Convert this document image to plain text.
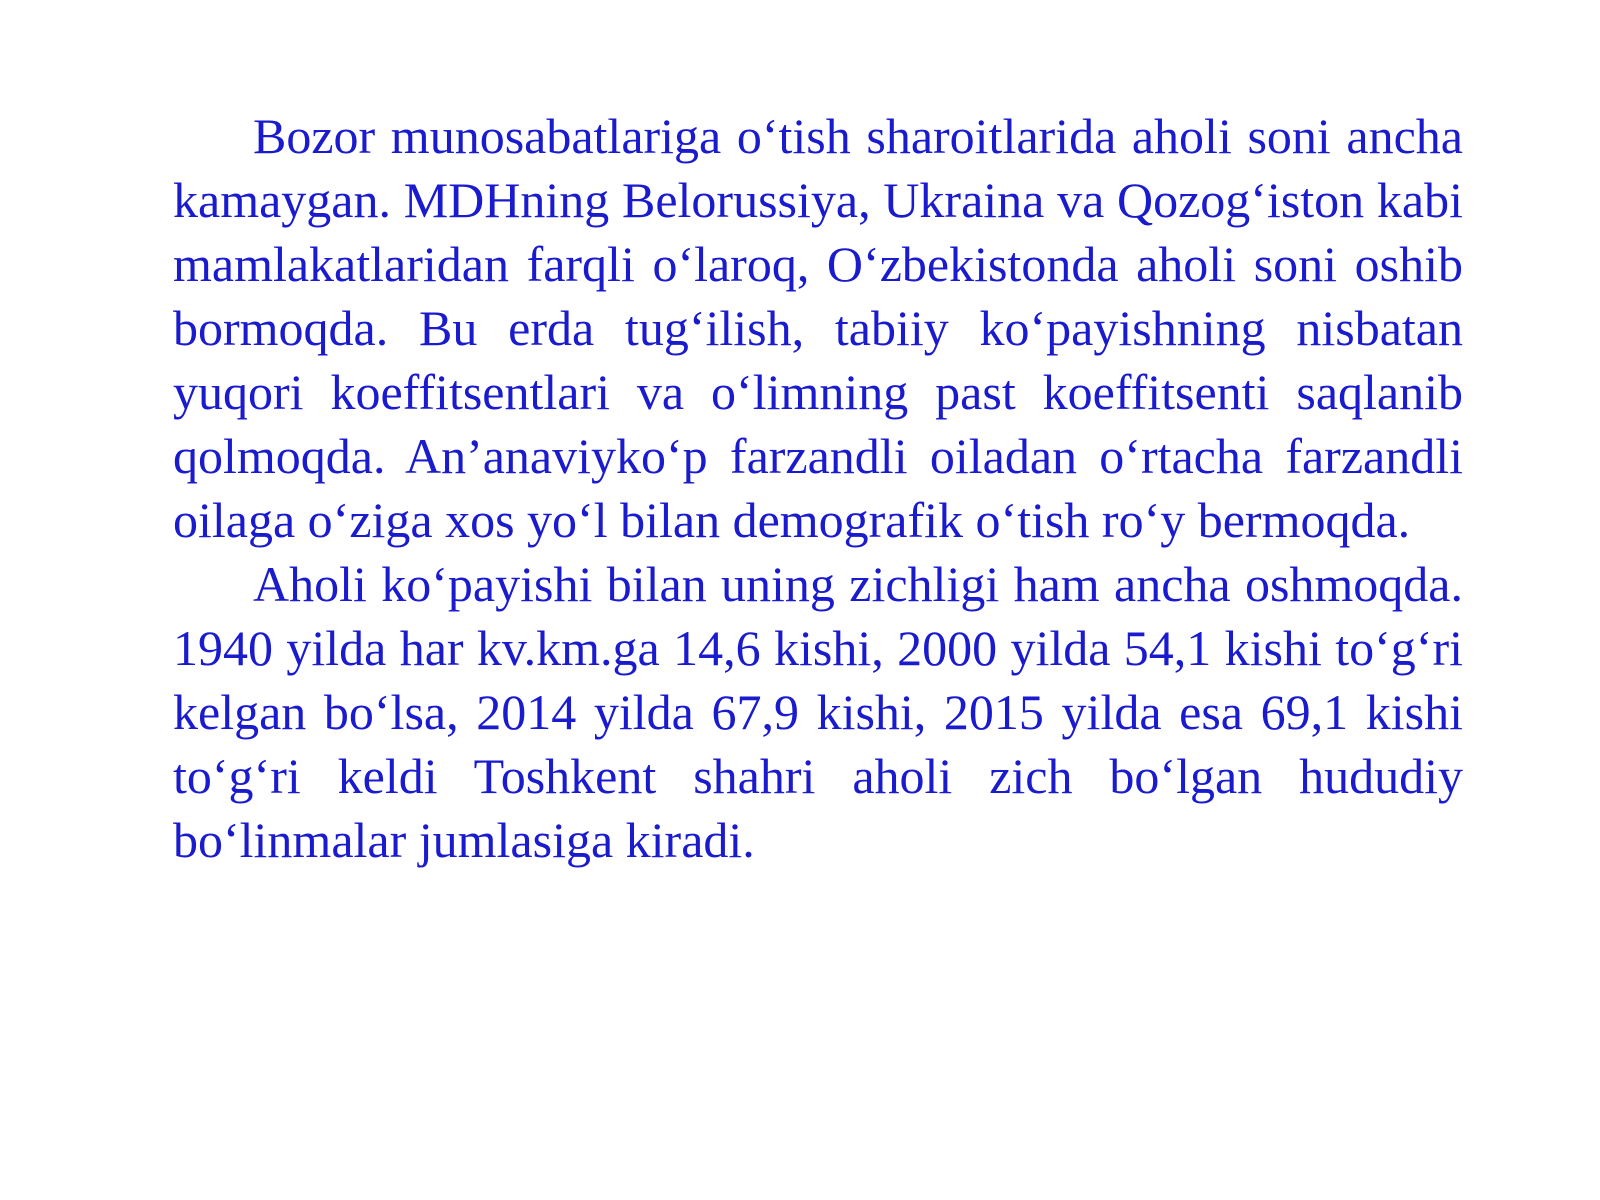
Bozor munosabatlariga o‘tish sharoitlarida aholi soni ancha kamaygan. MDHning Belorussiya, Ukraina va Qozog‘iston kabi mamlakatlaridan farqli o‘laroq, O‘zbekistonda aholi soni oshib bormoqda. Bu erda tug‘ilish, tabiiy ko‘payishning nisbatan yuqori koeffitsentlari va o‘limning past koeffitsenti saqlanib qolmoqda. An’anaviyko‘p farzandli oiladan o‘rtacha farzandli oilaga o‘ziga xos yo‘l bilan demografik o‘tish ro‘y bermoqda.

Aholi ko‘payishi bilan uning zichligi ham ancha oshmoqda. 1940 yilda har kv.km.ga 14,6 kishi, 2000 yilda 54,1 kishi to‘g‘ri kelgan bo‘lsa, 2014 yilda 67,9 kishi, 2015 yilda esa 69,1 kishi to‘g‘ri keldi Toshkent shahri aholi zich bo‘lgan hududiy bo‘linmalar jumlasiga kiradi.
